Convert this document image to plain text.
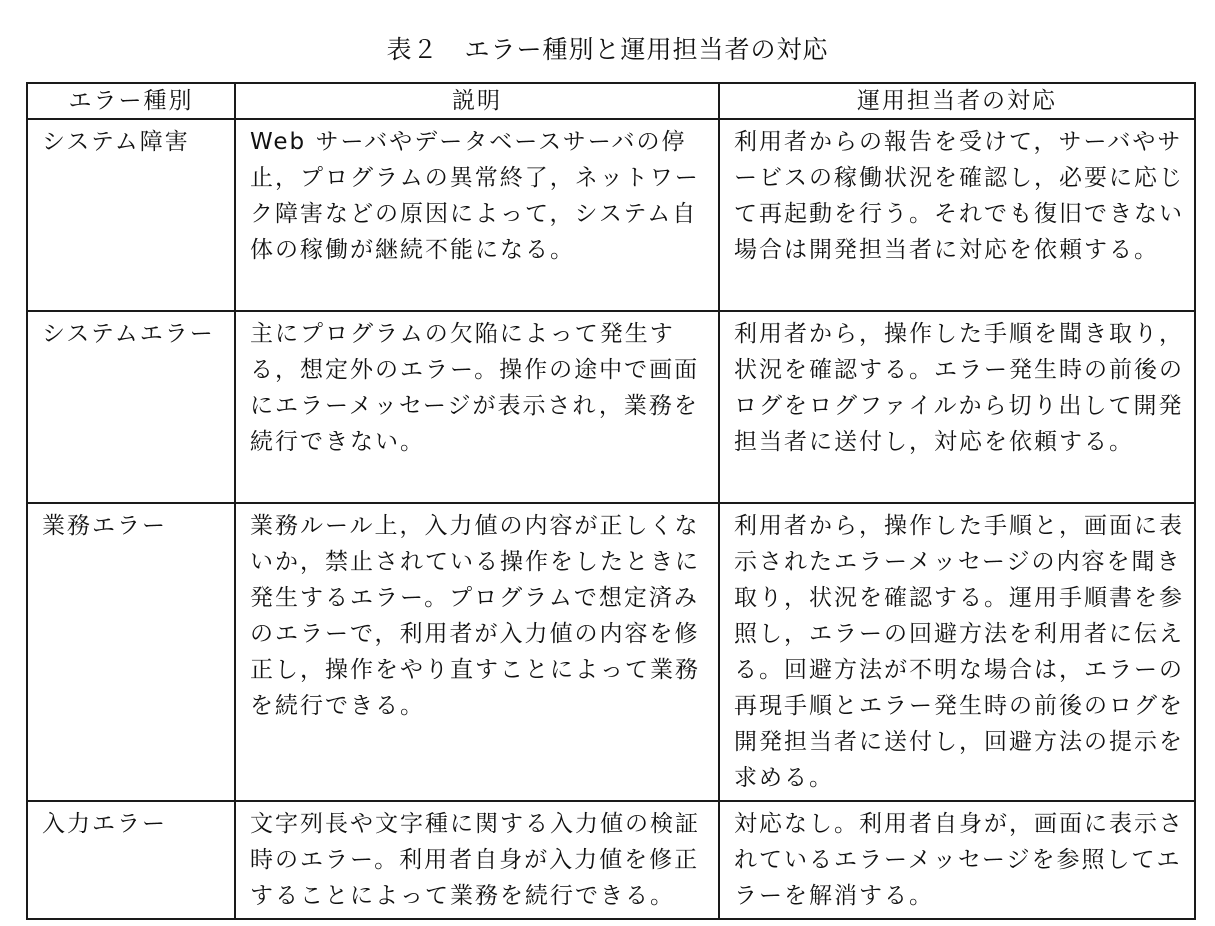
表２　エラー種別と運用担当者の対応
エラー種別	説明	運用担当者の対応
システム障害	Web サーバやデータベースサーバの停止，プログラムの異常終了，ネットワーク障害などの原因によって，システム自体の稼働が継続不能になる。	利用者からの報告を受けて，サーバやサービスの稼働状況を確認し，必要に応じて再起動を行う。それでも復旧できない場合は開発担当者に対応を依頼する。
システムエラー	主にプログラムの欠陥によって発生する，想定外のエラー。操作の途中で画面にエラーメッセージが表示され，業務を続行できない。	利用者から，操作した手順を聞き取り，状況を確認する。エラー発生時の前後のログをログファイルから切り出して開発担当者に送付し，対応を依頼する。
業務エラー	業務ルール上，入力値の内容が正しくないか，禁止されている操作をしたときに発生するエラー。プログラムで想定済みのエラーで，利用者が入力値の内容を修正し，操作をやり直すことによって業務を続行できる。	利用者から，操作した手順と，画面に表示されたエラーメッセージの内容を聞き取り，状況を確認する。運用手順書を参照し，エラーの回避方法を利用者に伝える。回避方法が不明な場合は，エラーの再現手順とエラー発生時の前後のログを開発担当者に送付し，回避方法の提示を求める。
入力エラー	文字列長や文字種に関する入力値の検証時のエラー。利用者自身が入力値を修正することによって業務を続行できる。	対応なし。利用者自身が，画面に表示されているエラーメッセージを参照してエラーを解消する。
